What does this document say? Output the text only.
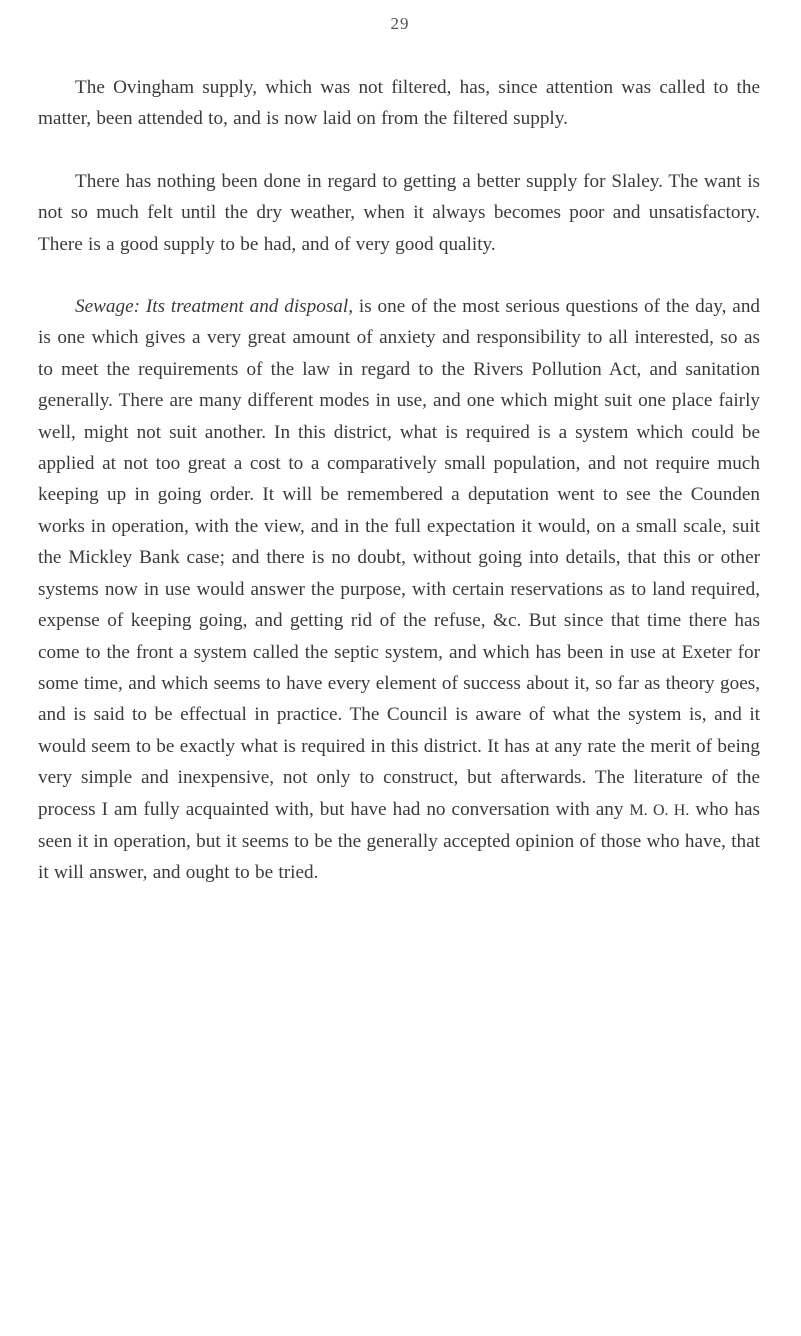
29

The Ovingham supply, which was not filtered, has, since attention was called to the matter, been attended to, and is now laid on from the filtered supply.

There has nothing been done in regard to getting a better supply for Slaley. The want is not so much felt until the dry weather, when it always becomes poor and unsatisfactory. There is a good supply to be had, and of very good quality.

Sewage: Its treatment and disposal, is one of the most serious questions of the day, and is one which gives a very great amount of anxiety and responsibility to all interested, so as to meet the requirements of the law in regard to the Rivers Pollution Act, and sanitation generally. There are many different modes in use, and one which might suit one place fairly well, might not suit another. In this district, what is required is a system which could be applied at not too great a cost to a comparatively small population, and not require much keeping up in going order. It will be remembered a deputation went to see the Counden works in operation, with the view, and in the full expectation it would, on a small scale, suit the Mickley Bank case; and there is no doubt, without going into details, that this or other systems now in use would answer the purpose, with certain reservations as to land required, expense of keeping going, and getting rid of the refuse, &c. But since that time there has come to the front a system called the septic system, and which has been in use at Exeter for some time, and which seems to have every element of success about it, so far as theory goes, and is said to be effectual in practice. The Council is aware of what the system is, and it would seem to be exactly what is required in this district. It has at any rate the merit of being very simple and inexpensive, not only to construct, but afterwards. The literature of the process I am fully acquainted with, but have had no conversation with any M. O. H. who has seen it in operation, but it seems to be the generally accepted opinion of those who have, that it will answer, and ought to be tried.
